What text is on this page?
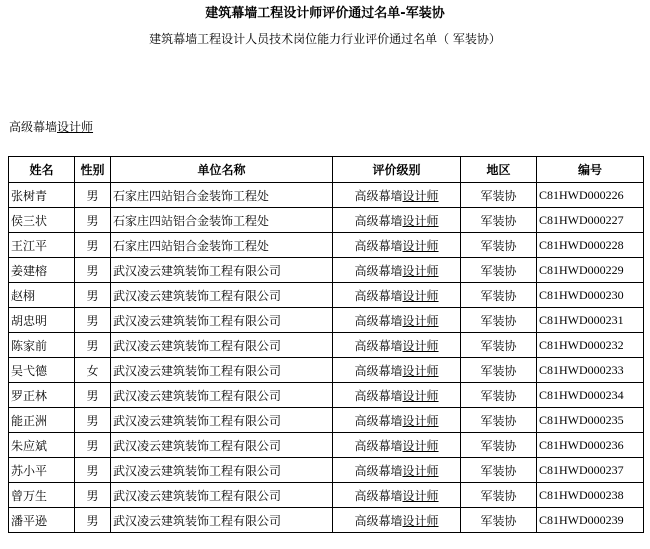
建筑幕墙工程设计师评价通过名单-军装协
建筑幕墙工程设计人员技术岗位能力行业评价通过名单（ 军装协）
高级幕墙设计师
姓名	性别	单位名称	评价级别	地区	编号
张树青	男	石家庄四站铝合金装饰工程处	高级幕墙设计师	军装协	C81HWD000226
侯三状	男	石家庄四站铝合金装饰工程处	高级幕墙设计师	军装协	C81HWD000227
王江平	男	石家庄四站铝合金装饰工程处	高级幕墙设计师	军装协	C81HWD000228
姜建榕	男	武汉凌云建筑装饰工程有限公司	高级幕墙设计师	军装协	C81HWD000229
赵栩	男	武汉凌云建筑装饰工程有限公司	高级幕墙设计师	军装协	C81HWD000230
胡忠明	男	武汉凌云建筑装饰工程有限公司	高级幕墙设计师	军装协	C81HWD000231
陈家前	男	武汉凌云建筑装饰工程有限公司	高级幕墙设计师	军装协	C81HWD000232
吴弋德	女	武汉凌云建筑装饰工程有限公司	高级幕墙设计师	军装协	C81HWD000233
罗正林	男	武汉凌云建筑装饰工程有限公司	高级幕墙设计师	军装协	C81HWD000234
能正洲	男	武汉凌云建筑装饰工程有限公司	高级幕墙设计师	军装协	C81HWD000235
朱应斌	男	武汉凌云建筑装饰工程有限公司	高级幕墙设计师	军装协	C81HWD000236
苏小平	男	武汉凌云建筑装饰工程有限公司	高级幕墙设计师	军装协	C81HWD000237
曾万生	男	武汉凌云建筑装饰工程有限公司	高级幕墙设计师	军装协	C81HWD000238
潘平逊	男	武汉凌云建筑装饰工程有限公司	高级幕墙设计师	军装协	C81HWD000239
